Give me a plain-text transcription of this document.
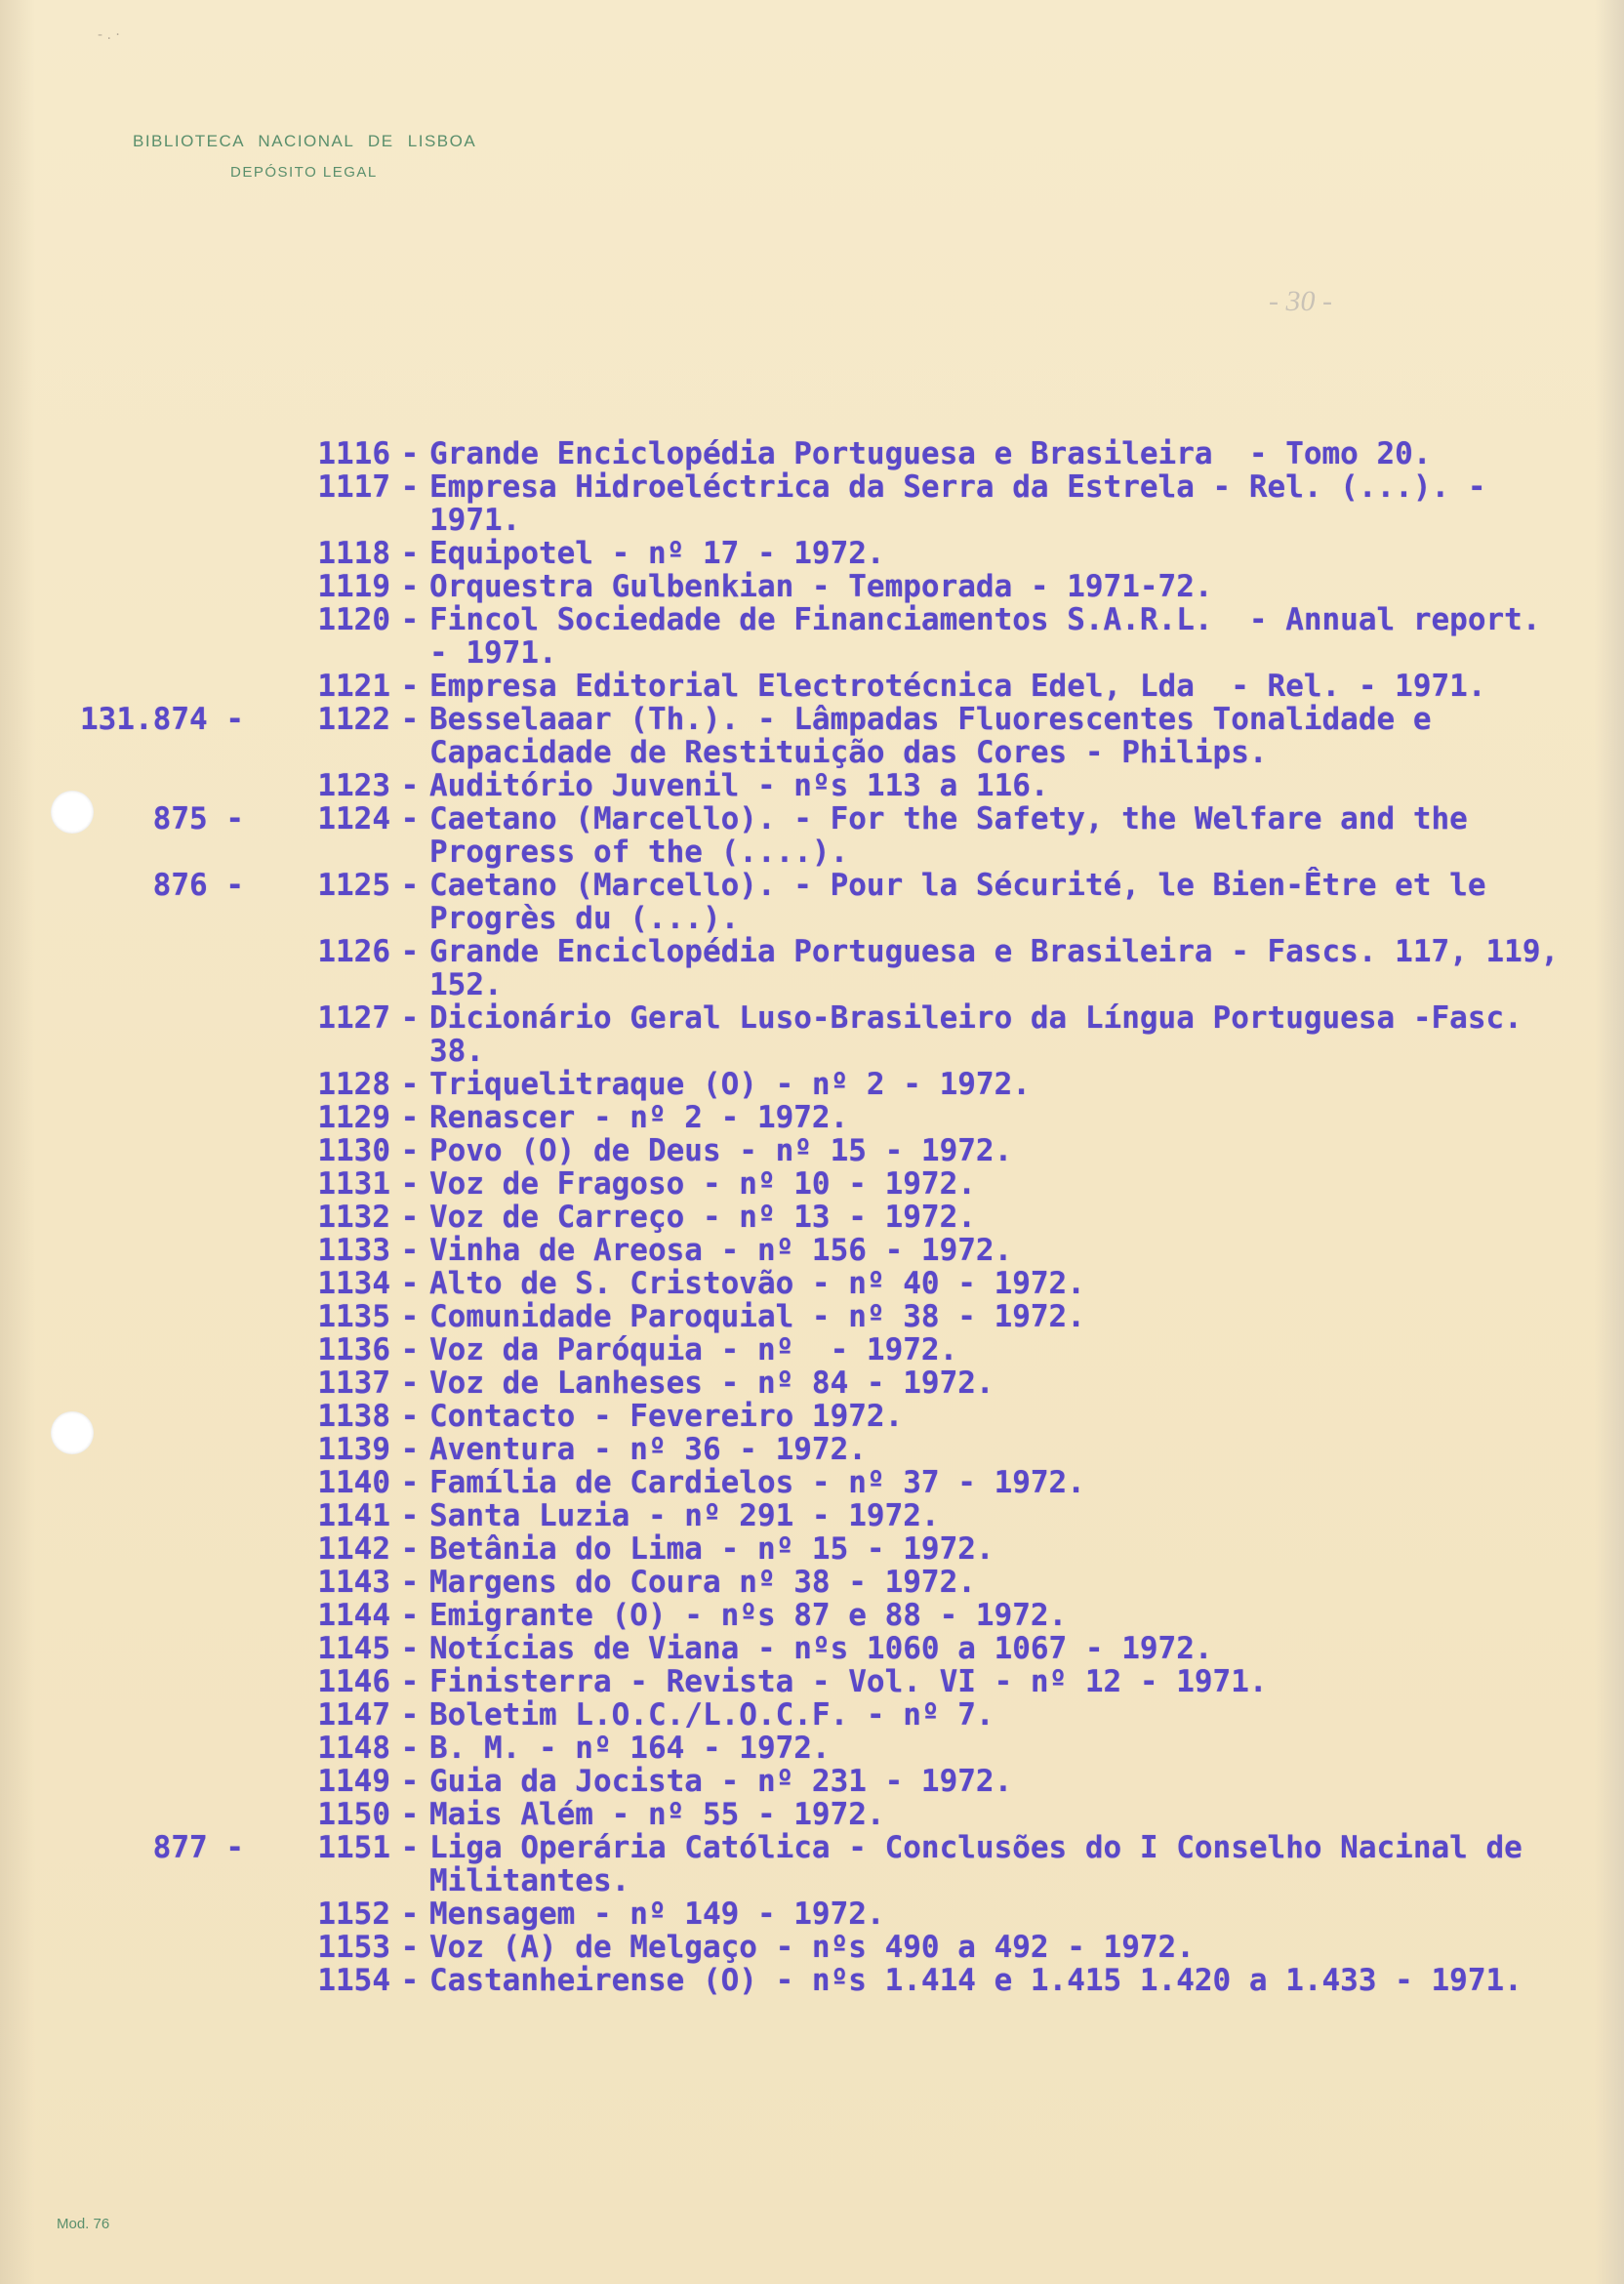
- . ·
BIBLIOTECA NACIONAL DE LISBOA
DEPÓSITO LEGAL
- 30 -
1116 - Grande Enciclopédia Portuguesa e Brasileira  - Tomo 20.
1117 - Empresa Hidroeléctrica da Serra da Estrela - Rel. (...). - 1971.
1118 - Equipotel - nº 17 - 1972.
1119 - Orquestra Gulbenkian - Temporada - 1971-72.
1120 - Fincol Sociedade de Financiamentos S.A.R.L.  - Annual report. - 1971.
1121 - Empresa Editorial Electrotécnica Edel, Lda  - Rel. - 1971.
131.874 -	1122 - Besselaaar (Th.). - Lâmpadas Fluorescentes Tonalidade e Capacidade de Restituição das Cores - Philips.
1123 - Auditório Juvenil - nºs 113 a 116.
875 -	1124 - Caetano (Marcello). - For the Safety, the Welfare and the Progress of the (....).
876 -	1125 - Caetano (Marcello). - Pour la Sécurité, le Bien-Être et le Progrès du (...).
1126 - Grande Enciclopédia Portuguesa e Brasileira - Fascs. 117, 119, 152.
1127 - Dicionário Geral Luso-Brasileiro da Língua Portuguesa -Fasc. 38.
1128 - Triquelitraque (O) - nº 2 - 1972.
1129 - Renascer - nº 2 - 1972.
1130 - Povo (O) de Deus - nº 15 - 1972.
1131 - Voz de Fragoso - nº 10 - 1972.
1132 - Voz de Carreço - nº 13 - 1972.
1133 - Vinha de Areosa - nº 156 - 1972.
1134 - Alto de S. Cristovão - nº 40 - 1972.
1135 - Comunidade Paroquial - nº 38 - 1972.
1136 - Voz da Paróquia - nº  - 1972.
1137 - Voz de Lanheses - nº 84 - 1972.
1138 - Contacto - Fevereiro 1972.
1139 - Aventura - nº 36 - 1972.
1140 - Família de Cardielos - nº 37 - 1972.
1141 - Santa Luzia - nº 291 - 1972.
1142 - Betânia do Lima - nº 15 - 1972.
1143 - Margens do Coura nº 38 - 1972.
1144 - Emigrante (O) - nºs 87 e 88 - 1972.
1145 - Notícias de Viana - nºs 1060 a 1067 - 1972.
1146 - Finisterra - Revista - Vol. VI - nº 12 - 1971.
1147 - Boletim L.O.C./L.O.C.F. - nº 7.
1148 - B. M. - nº 164 - 1972.
1149 - Guia da Jocista - nº 231 - 1972.
1150 - Mais Além - nº 55 - 1972.
877 -	1151 - Liga Operária Católica - Conclusões do I Conselho Nacinal de Militantes.
1152 - Mensagem - nº 149 - 1972.
1153 - Voz (A) de Melgaço - nºs 490 a 492 - 1972.
1154 - Castanheirense (O) - nºs 1.414 e 1.415 1.420 a 1.433 - 1971.
Mod. 76
